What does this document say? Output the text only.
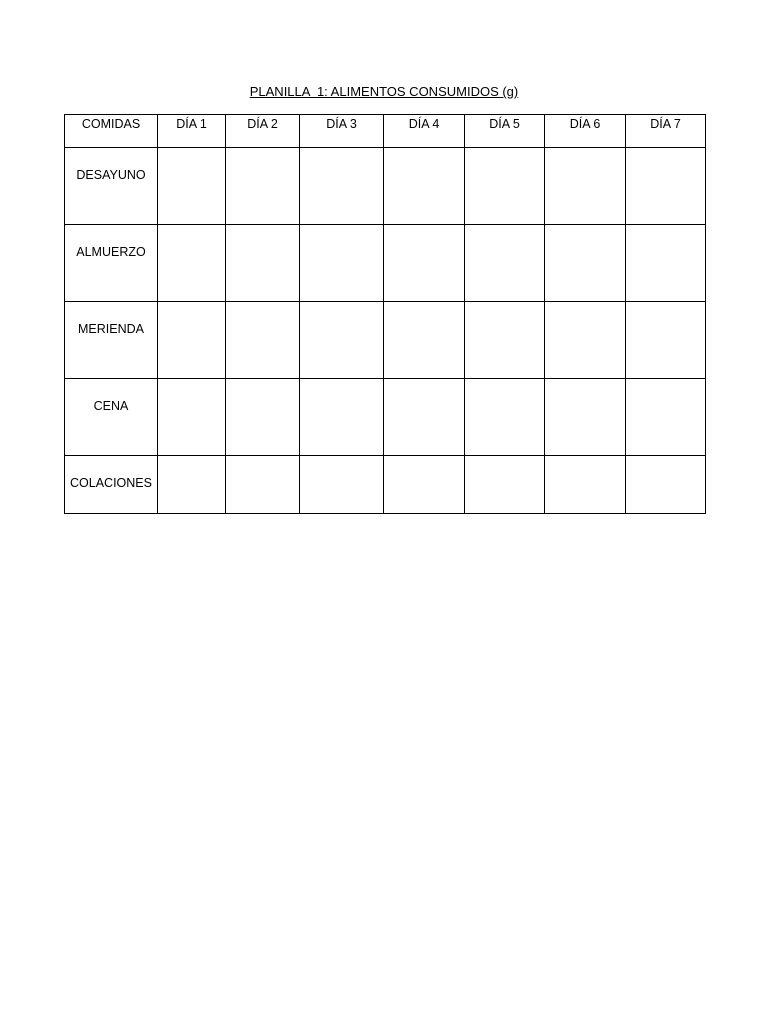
PLANILLA  1: ALIMENTOS CONSUMIDOS (g)
COMIDAS	DÍA 1	DÍA 2	DÍA 3	DÍA 4	DÍA 5	DÍA 6	DÍA 7
DESAYUNO							
ALMUERZO							
MERIENDA							
CENA							
COLACIONES							
